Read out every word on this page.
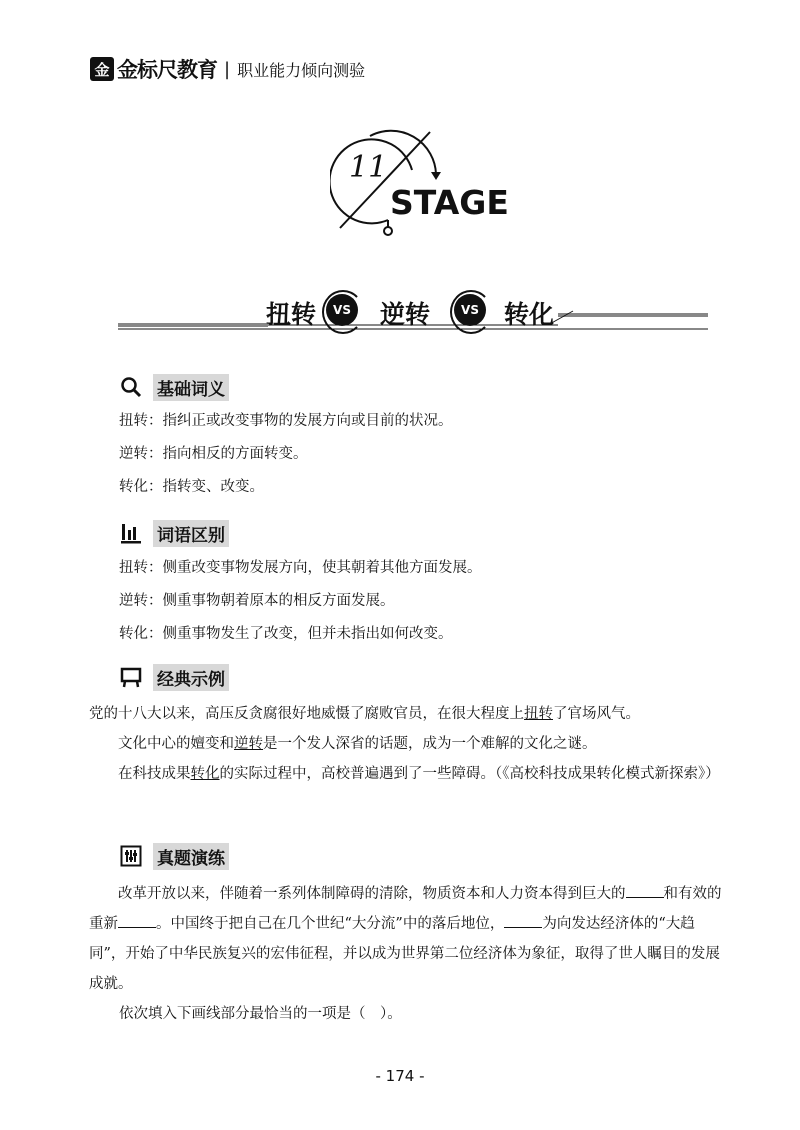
金 金标尺教育 | 职业能力倾向测验
11
STAGE
扭转	VS 逆转	VS 转化
基础词义
扭转：指纠正或改变事物的发展方向或目前的状况。
逆转：指向相反的方面转变。
转化：指转变、改变。
词语区别
扭转：侧重改变事物发展方向，使其朝着其他方面发展。
逆转：侧重事物朝着原本的相反方面发展。
转化：侧重事物发生了改变，但并未指出如何改变。
经典示例
党的十八大以来，高压反贪腐很好地威慑了腐败官员，在很大程度上扭转了官场风气。
文化中心的嬗变和逆转是一个发人深省的话题，成为一个难解的文化之谜。
在科技成果转化的实际过程中，高校普遍遇到了一些障碍。（《高校科技成果转化模式新探索》）
真题演练
改革开放以来，伴随着一系列体制障碍的清除，物质资本和人力资本得到巨大的	和有效的重新	。中国终于把自己在几个世纪“大分流”中的落后地位，	为向发达经济体的“大趋同”，开始了中华民族复兴的宏伟征程，并以成为世界第二位经济体为象征，取得了世人瞩目的发展成就。
依次填入下画线部分最恰当的一项是（　）。
- 174 -
